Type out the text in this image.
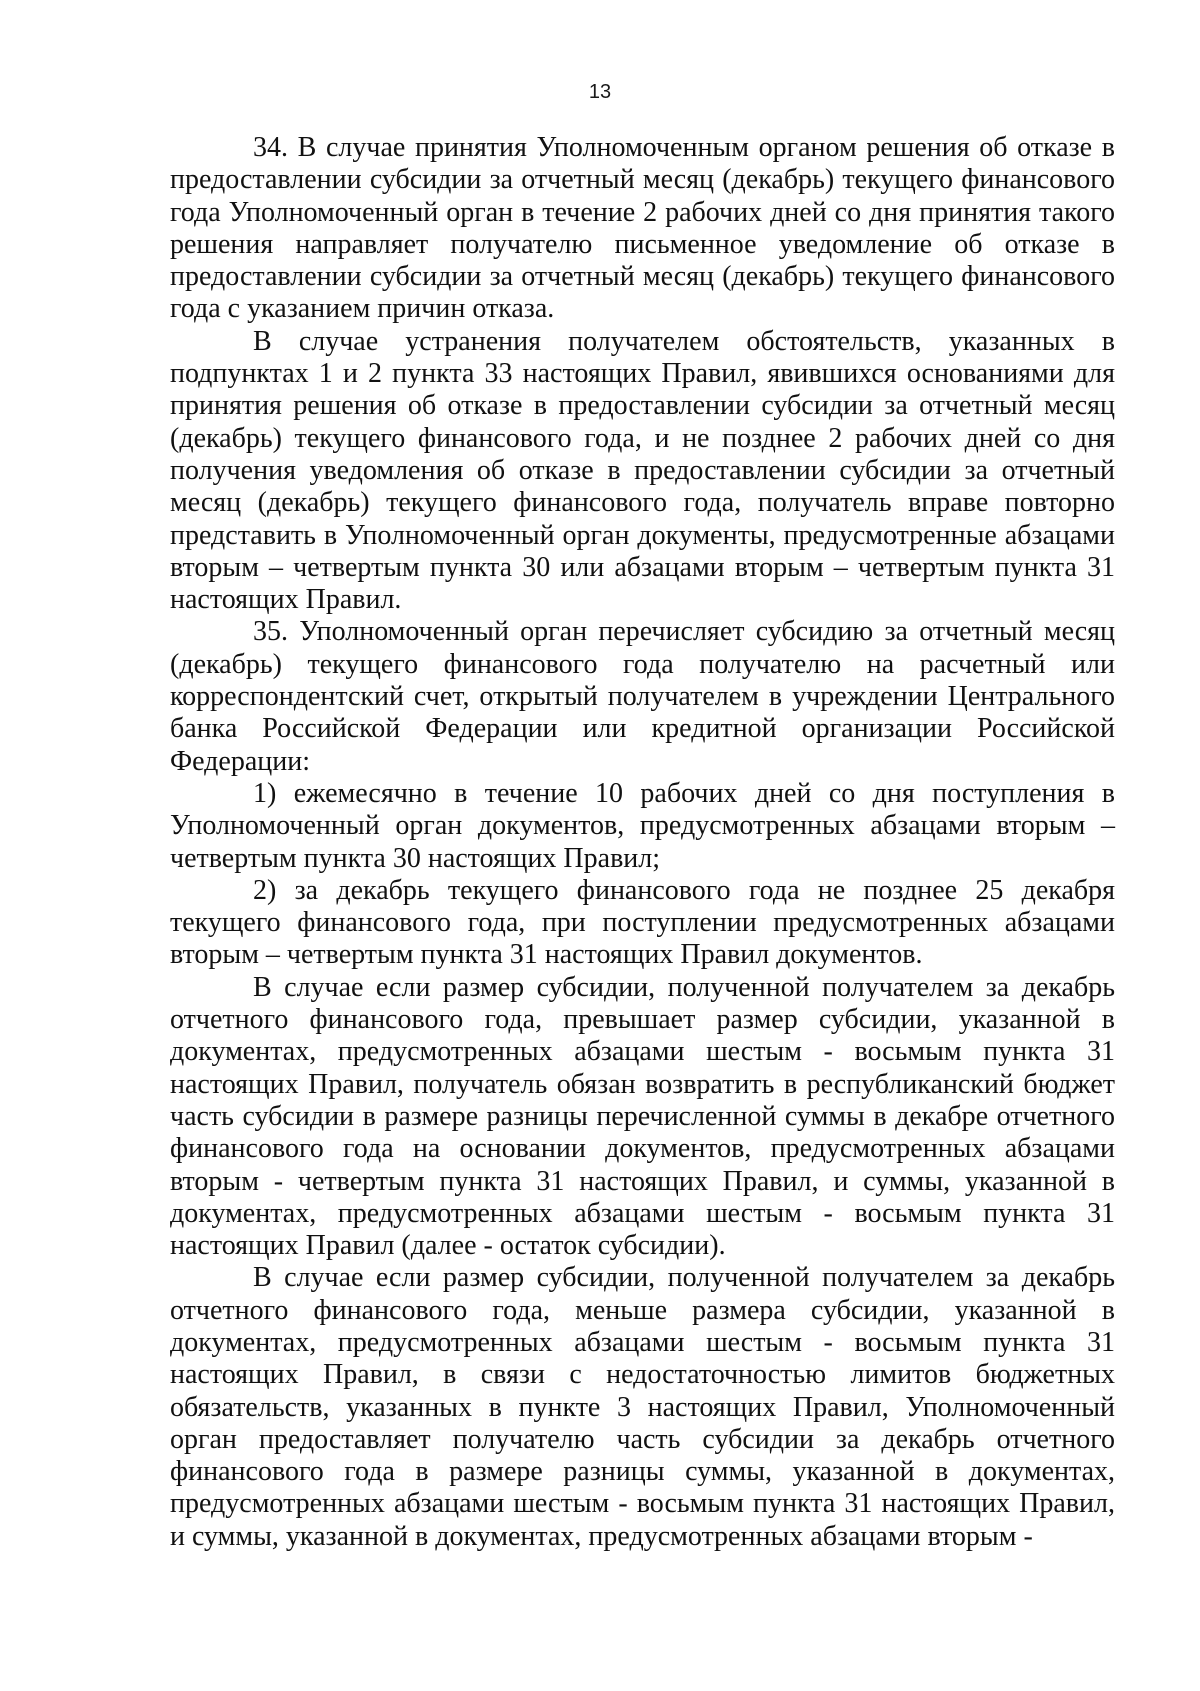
13

34. В случае принятия Уполномоченным органом решения об отказе в предоставлении субсидии за отчетный месяц (декабрь) текущего финансового года Уполномоченный орган в течение 2 рабочих дней со дня принятия такого решения направляет получателю письменное уведомление об отказе в предоставлении субсидии за отчетный месяц (декабрь) текущего финансового года с указанием причин отказа.

В случае устранения получателем обстоятельств, указанных в подпунктах 1 и 2 пункта 33 настоящих Правил, явившихся основаниями для принятия решения об отказе в предоставлении субсидии за отчетный месяц (декабрь) текущего финансового года, и не позднее 2 рабочих дней со дня получения уведомления об отказе в предоставлении субсидии за отчетный месяц (декабрь) текущего финансового года, получатель вправе повторно представить в Уполномоченный орган документы, предусмотренные абзацами вторым – четвертым пункта 30 или абзацами вторым – четвертым пункта 31 настоящих Правил.

35. Уполномоченный орган перечисляет субсидию за отчетный месяц (декабрь) текущего финансового года получателю на расчетный или корреспондентский счет, открытый получателем в учреждении Центрального банка Российской Федерации или кредитной организации Российской Федерации:

1) ежемесячно в течение 10 рабочих дней со дня поступления в Уполномоченный орган документов, предусмотренных абзацами вторым – четвертым пункта 30 настоящих Правил;

2) за декабрь текущего финансового года не позднее 25 декабря текущего финансового года, при поступлении предусмотренных абзацами вторым – четвертым пункта 31 настоящих Правил документов.

В случае если размер субсидии, полученной получателем за декабрь отчетного финансового года, превышает размер субсидии, указанной в документах, предусмотренных абзацами шестым - восьмым пункта 31 настоящих Правил, получатель обязан возвратить в республиканский бюджет часть субсидии в размере разницы перечисленной суммы в декабре отчетного финансового года на основании документов, предусмотренных абзацами вторым - четвертым пункта 31 настоящих Правил, и суммы, указанной в документах, предусмотренных абзацами шестым - восьмым пункта 31 настоящих Правил (далее - остаток субсидии).

В случае если размер субсидии, полученной получателем за декабрь отчетного финансового года, меньше размера субсидии, указанной в документах, предусмотренных абзацами шестым - восьмым пункта 31 настоящих Правил, в связи с недостаточностью лимитов бюджетных обязательств, указанных в пункте 3 настоящих Правил, Уполномоченный орган предоставляет получателю часть субсидии за декабрь отчетного финансового года в размере разницы суммы, указанной в документах, предусмотренных абзацами шестым - восьмым пункта 31 настоящих Правил, и суммы, указанной в документах, предусмотренных абзацами вторым -
